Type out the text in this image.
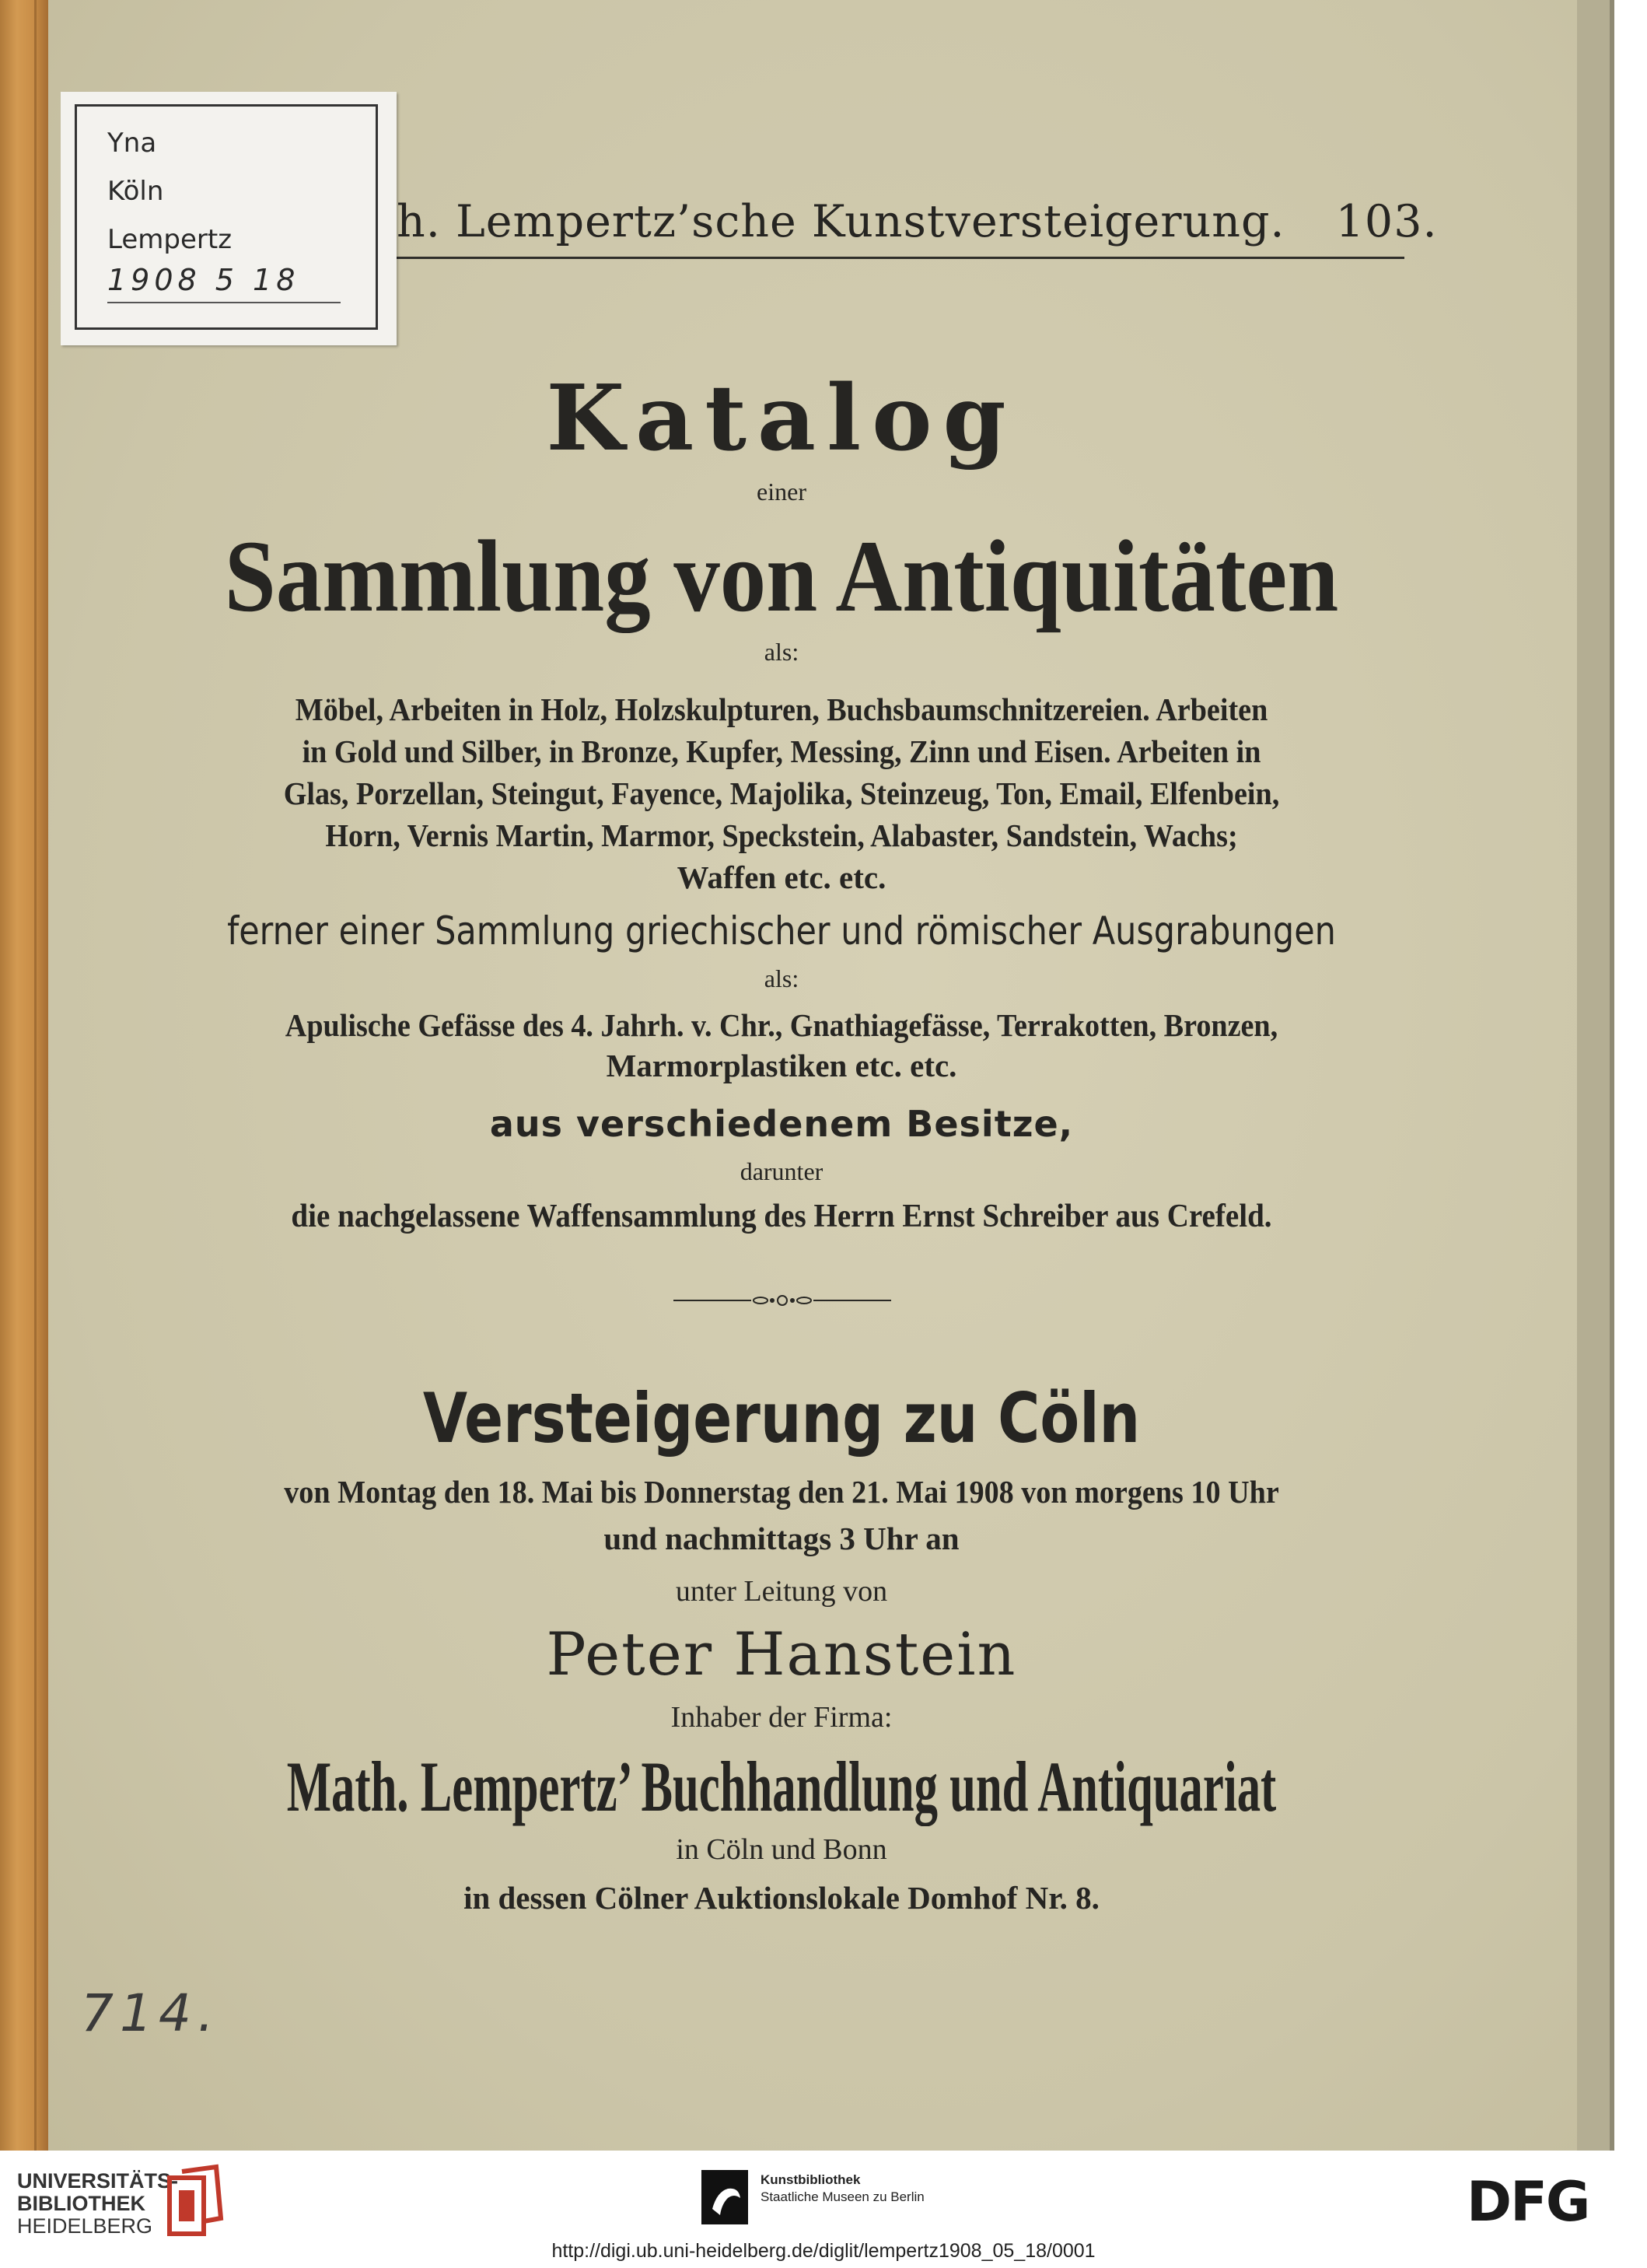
h. Lempertz’sche Kunstversteigerung. 103.
Yna
Köln
Lempertz
1908 5 18
Katalog
einer
Sammlung von Antiquitäten
als:
Möbel, Arbeiten in Holz, Holzskulpturen, Buchsbaumschnitzereien. Arbeiten
in Gold und Silber, in Bronze, Kupfer, Messing, Zinn und Eisen. Arbeiten in
Glas, Porzellan, Steingut, Fayence, Majolika, Steinzeug, Ton, Email, Elfenbein,
Horn, Vernis Martin, Marmor, Speckstein, Alabaster, Sandstein, Wachs;
Waffen etc. etc.
ferner einer Sammlung griechischer und römischer Ausgrabungen
als:
Apulische Gefässe des 4. Jahrh. v. Chr., Gnathiagefässe, Terrakotten, Bronzen,
Marmorplastiken etc. etc.
aus verschiedenem Besitze,
darunter
die nachgelassene Waffensammlung des Herrn Ernst Schreiber aus Crefeld.
Versteigerung zu Cöln
von Montag den 18. Mai bis Donnerstag den 21. Mai 1908 von morgens 10 Uhr
und nachmittags 3 Uhr an
unter Leitung von
Peter Hanstein
Inhaber der Firma:
Math. Lempertz’ Buchhandlung und Antiquariat
in Cöln und Bonn
in dessen Cölner Auktionslokale Domhof Nr. 8.
714.
UNIVERSITÄTS-
BIBLIOTHEK
HEIDELBERG
Kunstbibliothek
Staatliche Museen zu Berlin	DFG
http://digi.ub.uni-heidelberg.de/diglit/lempertz1908_05_18/0001
